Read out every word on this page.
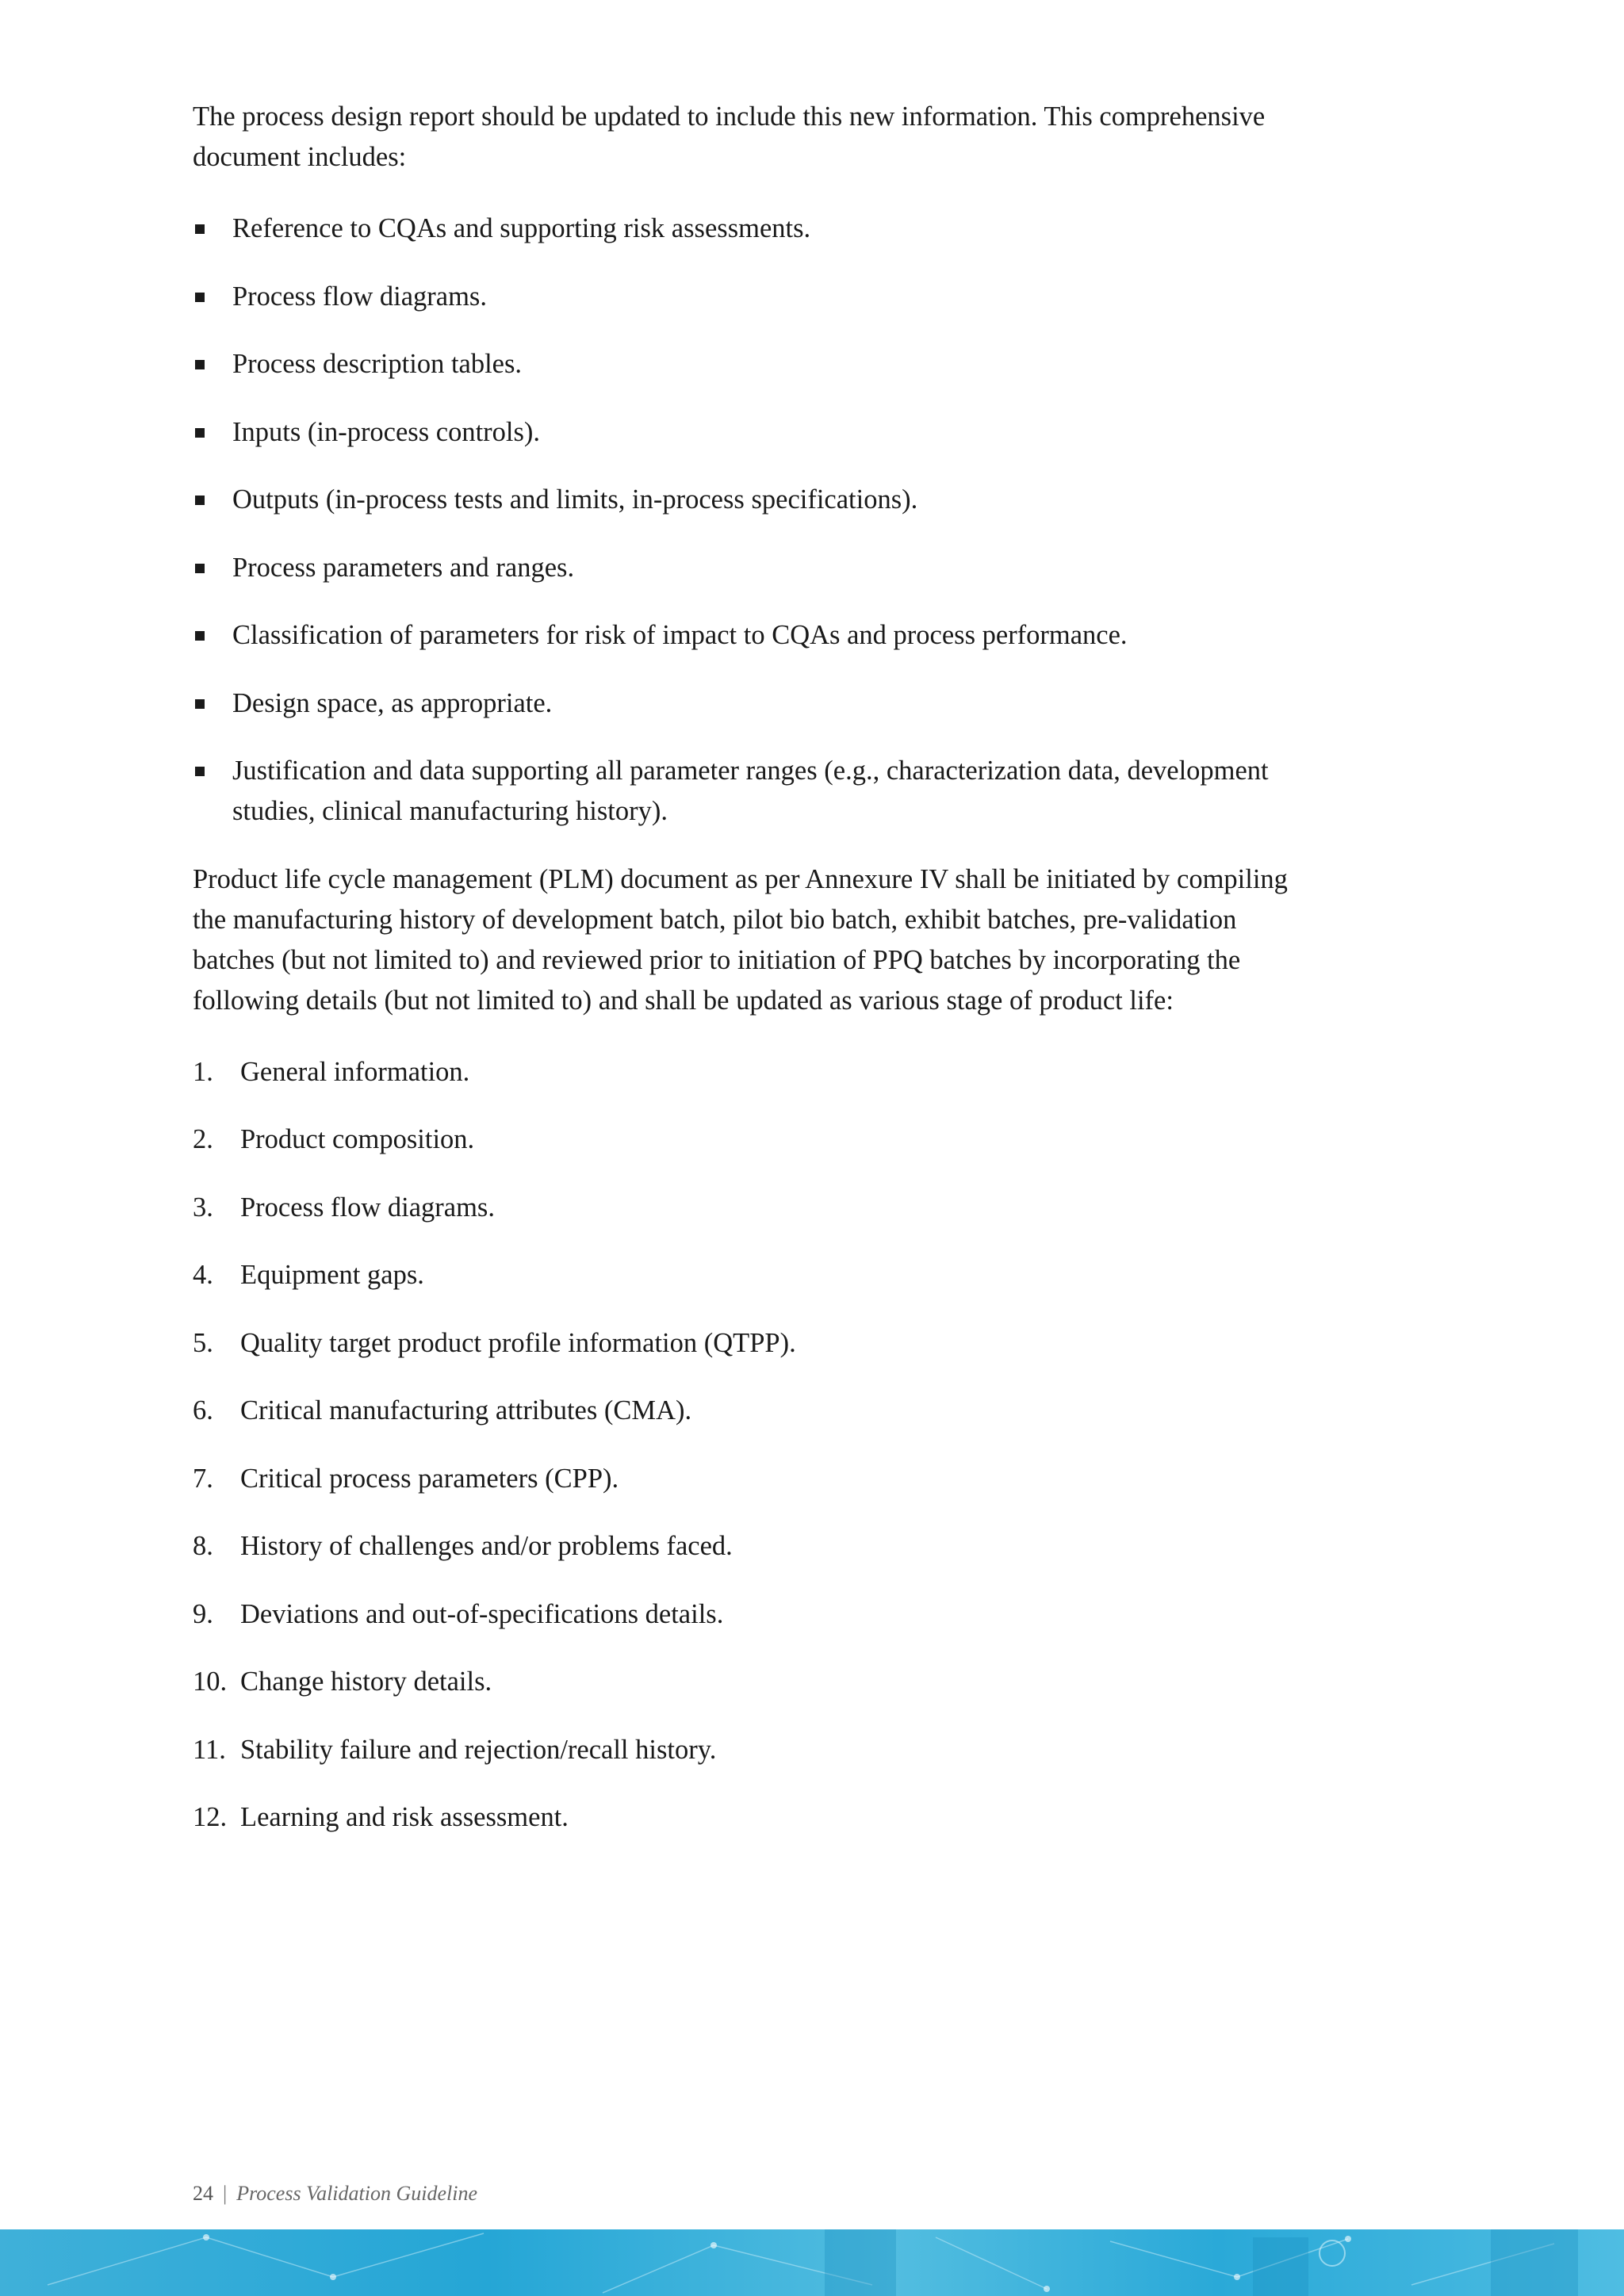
The process design report should be updated to include this new information. This comprehensive document includes:

Reference to CQAs and supporting risk assessments.
Process flow diagrams.
Process description tables.
Inputs (in-process controls).
Outputs (in-process tests and limits, in-process specifications).
Process parameters and ranges.
Classification of parameters for risk of impact to CQAs and process performance.
Design space, as appropriate.
Justification and data supporting all parameter ranges (e.g., characterization data, development studies, clinical manufacturing history).

Product life cycle management (PLM) document as per Annexure IV shall be initiated by compiling the manufacturing history of development batch, pilot bio batch, exhibit batches, pre-validation batches (but not limited to) and reviewed prior to initiation of PPQ batches by incorporating the following details (but not limited to) and shall be updated as various stage of product life:

1. General information.
2. Product composition.
3. Process flow diagrams.
4. Equipment gaps.
5. Quality target product profile information (QTPP).
6. Critical manufacturing attributes (CMA).
7. Critical process parameters (CPP).
8. History of challenges and/or problems faced.
9. Deviations and out-of-specifications details.
10. Change history details.
11. Stability failure and rejection/recall history.
12. Learning and risk assessment.
24 | Process Validation Guideline
